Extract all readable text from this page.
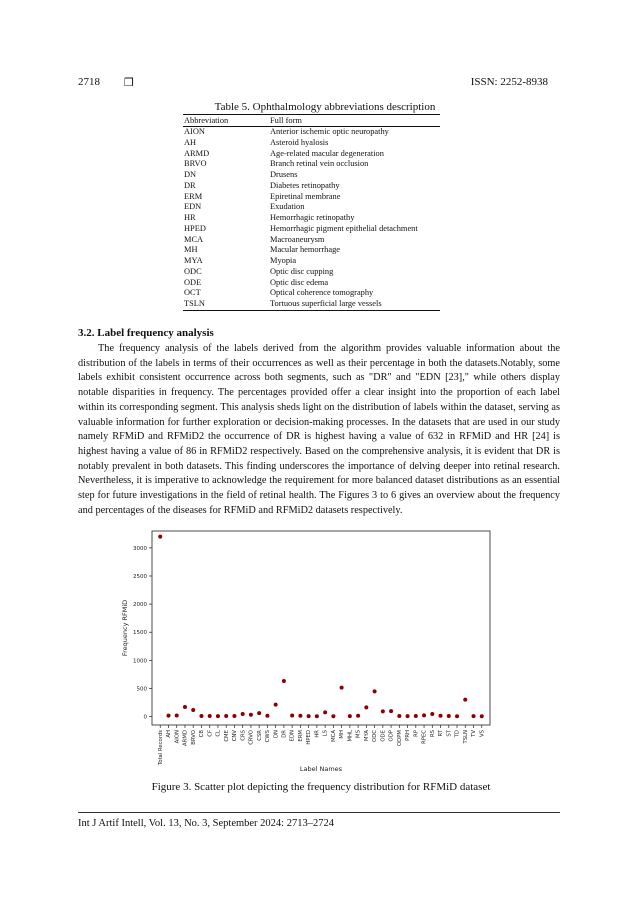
2718 ❒	ISSN: 2252-8938
Table 5. Ophthalmology abbreviations description
Abbreviation	Full form
AION	Anterior ischemic optic neuropathy
AH	Asteroid hyalosis
ARMD	Age-related macular degeneration
BRVO	Branch retinal vein occlusion
DN	Drusens
DR	Diabetes retinopathy
ERM	Epiretinal membrane
EDN	Exudation
HR	Hemorrhagic retinopathy
HPED	Hemorrhagic pigment epithelial detachment
MCA	Macroaneurysm
MH	Macular hemorrhage
MYA	Myopia
ODC	Optic disc cupping
ODE	Optic disc edema
OCT	Optical coherence tomography
TSLN	Tortuous superficial large vessels
3.2. Label frequency analysis

The frequency analysis of the labels derived from the algorithm provides valuable information about the distribution of the labels in terms of their occurrences as well as their percentage in both the datasets.Notably, some labels exhibit consistent occurrence across both segments, such as "DR" and "EDN [23]," while others display notable disparities in frequency. The percentages provided offer a clear insight into the proportion of each label within its corresponding segment. This analysis sheds light on the distribution of labels within the dataset, serving as valuable information for further exploration or decision-making processes. In the datasets that are used in our study namely RFMiD and RFMiD2 the occurrence of DR is highest having a value of 632 in RFMiD and HR [24] is highest having a value of 86 in RFMiD2 respectively. Based on the comprehensive analysis, it is evident that DR is notably prevalent in both datasets. This finding underscores the importance of delving deeper into retinal research. Nevertheless, it is imperative to acknowledge the requirement for more balanced dataset distributions as an essential step for future investigations in the field of retinal health. The Figures 3 to 6 gives an overview about the frequency and percentages of the diseases for RFMiD and RFMiD2 datasets respectively.

0
500
1000
1500
2000
2500
3000
Total Records AH AION ARMD BRVO CB CF CL CME CNV CRS CRVO CSR CWS DN DR EDN ERM HPED HR LS MCA MH MHL MS MYA ODC ODE ODP ODPM PRH RP RPEC RS RT ST TD TSLN TV VS
Label Names
Frequency RFMiD
Figure 3. Scatter plot depicting the frequency distribution for RFMiD dataset
Int J Artif Intell, Vol. 13, No. 3, September 2024: 2713–2724
